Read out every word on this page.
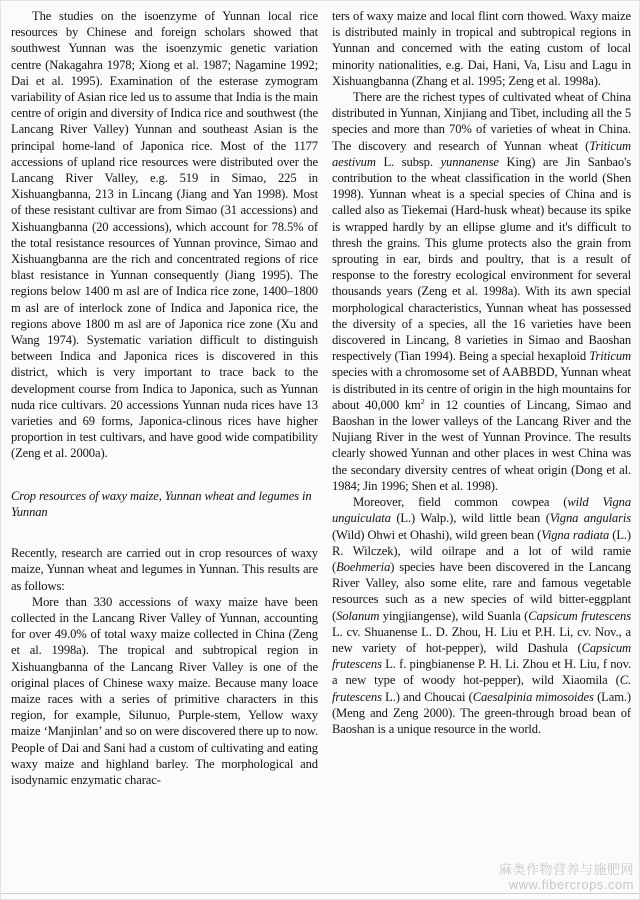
The studies on the isoenzyme of Yunnan local rice resources by Chinese and foreign scholars showed that southwest Yunnan was the isoenzymic genetic variation centre (Nakagahra 1978; Xiong et al. 1987; Nagamine 1992; Dai et al. 1995). Examination of the esterase zymogram variability of Asian rice led us to assume that India is the main centre of origin and diversity of Indica rice and southwest (the Lancang River Valley) Yunnan and southeast Asian is the principal home-land of Japonica rice. Most of the 1177 accessions of upland rice resources were distributed over the Lancang River Valley, e.g. 519 in Simao, 225 in Xishuangbanna, 213 in Lincang (Jiang and Yan 1998). Most of these resistant cultivar are from Simao (31 accessions) and Xishuangbanna (20 accessions), which account for 78.5% of the total resistance resources of Yunnan province, Simao and Xishuangbanna are the rich and concentrated regions of rice blast resistance in Yunnan consequently (Jiang 1995). The regions below 1400 m asl are of Indica rice zone, 1400–1800 m asl are of interlock zone of Indica and Japonica rice, the regions above 1800 m asl are of Japonica rice zone (Xu and Wang 1974). Systematic variation difficult to distinguish between Indica and Japonica rices is discovered in this district, which is very important to trace back to the development course from Indica to Japonica, such as Yunnan nuda rice cultivars. 20 accessions Yunnan nuda rices have 13 varieties and 69 forms, Japonica-clinous rices have higher proportion in test cultivars, and have good wide compatibility (Zeng et al. 2000a).

Crop resources of waxy maize, Yunnan wheat and legumes in Yunnan

Recently, research are carried out in crop resources of waxy maize, Yunnan wheat and legumes in Yunnan. This results are as follows:

More than 330 accessions of waxy maize have been collected in the Lancang River Valley of Yunnan, accounting for over 49.0% of total waxy maize collected in China (Zeng et al. 1998a). The tropical and subtropical region in Xishuangbanna of the Lancang River Valley is one of the original places of Chinese waxy maize. Because many loace maize races with a series of primitive characters in this region, for example, Silunuo, Purple-stem, Yellow waxy maize ‘Manjinlan’ and so on were discovered there up to now. People of Dai and Sani had a custom of cultivating and eating waxy maize and highland barley. The morphological and isodynamic enzymatic charac-

ters of waxy maize and local flint corn thowed. Waxy maize is distributed mainly in tropical and subtropical regions in Yunnan and concerned with the eating custom of local minority nationalities, e.g. Dai, Hani, Va, Lisu and Lagu in Xishuangbanna (Zhang et al. 1995; Zeng et al. 1998a).

There are the richest types of cultivated wheat of China distributed in Yunnan, Xinjiang and Tibet, including all the 5 species and more than 70% of varieties of wheat in China. The discovery and research of Yunnan wheat (Triticum aestivum L. subsp. yunnanense King) are Jin Sanbao's contribution to the wheat classification in the world (Shen 1998). Yunnan wheat is a special species of China and is called also as Tiekemai (Hard-husk wheat) because its spike is wrapped hardly by an ellipse glume and it's difficult to thresh the grains. This glume protects also the grain from sprouting in ear, birds and poultry, that is a result of response to the forestry ecological environment for several thousands years (Zeng et al. 1998a). With its awn special morphological characteristics, Yunnan wheat has possessed the diversity of a species, all the 16 varieties have been discovered in Lincang, 8 varieties in Simao and Baoshan respectively (Tian 1994). Being a special hexaploid Triticum species with a chromosome set of AABBDD, Yunnan wheat is distributed in its centre of origin in the high mountains for about 40,000 $km^2$ in 12 counties of Lincang, Simao and Baoshan in the lower valleys of the Lancang River and the Nujiang River in the west of Yunnan Province. The results clearly showed Yunnan and other places in west China was the secondary diversity centres of wheat origin (Dong et al. 1984; Jin 1996; Shen et al. 1998).

Moreover, field common cowpea (wild Vigna unguiculata (L.) Walp.), wild little bean (Vigna angularis (Wild) Ohwi et Ohashi), wild green bean (Vigna radiata (L.) R. Wilczek), wild oilrape and a lot of wild ramie (Boehmeria) species have been discovered in the Lancang River Valley, also some elite, rare and famous vegetable resources such as a new species of wild bitter-eggplant (Solanum yingjiangense), wild Suanla (Capsicum frutescens L. cv. Shuanense L. D. Zhou, H. Liu et P.H. Li, cv. Nov., a new variety of hot-pepper), wild Dashula (Capsicum frutescens L. f. pingbianense P. H. Li. Zhou et H. Liu, f nov. a new type of woody hot-pepper), wild Xiaomila (C. frutescens L.) and Choucai (Caesalpinia mimosoides (Lam.) (Meng and Zeng 2000). The green-through broad bean of Baoshan is a unique resource in the world.

麻类作物营养与施肥网
www.fibercrops.com
